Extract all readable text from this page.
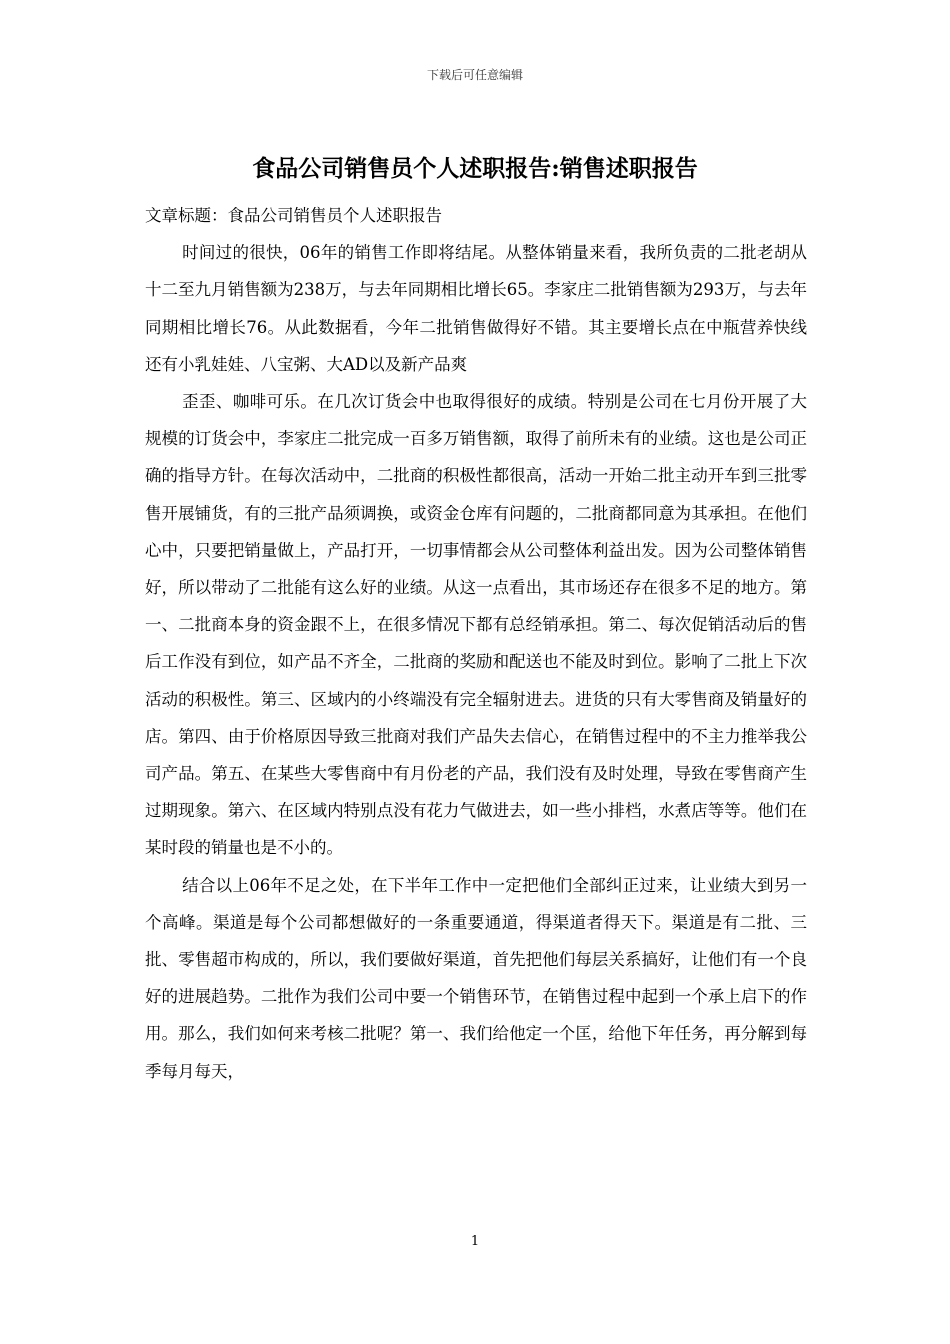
下载后可任意编辑
食品公司销售员个人述职报告:销售述职报告

文章标题：食品公司销售员个人述职报告

时间过的很快，06年的销售工作即将结尾。从整体销量来看，我所负责的二批老胡从十二至九月销售额为238万，与去年同期相比增长65。李家庄二批销售额为293万，与去年同期相比增长76。从此数据看，今年二批销售做得好不错。其主要增长点在中瓶营养快线还有小乳娃娃、八宝粥、大AD以及新产品爽

歪歪、咖啡可乐。在几次订货会中也取得很好的成绩。特别是公司在七月份开展了大规模的订货会中，李家庄二批完成一百多万销售额，取得了前所未有的业绩。这也是公司正确的指导方针。在每次活动中，二批商的积极性都很高，活动一开始二批主动开车到三批零售开展铺货，有的三批产品须调换，或资金仓库有问题的，二批商都同意为其承担。在他们心中，只要把销量做上，产品打开，一切事情都会从公司整体利益出发。因为公司整体销售好，所以带动了二批能有这么好的业绩。从这一点看出，其市场还存在很多不足的地方。第一、二批商本身的资金跟不上，在很多情况下都有总经销承担。第二、每次促销活动后的售后工作没有到位，如产品不齐全，二批商的奖励和配送也不能及时到位。影响了二批上下次活动的积极性。第三、区域内的小终端没有完全辐射进去。进货的只有大零售商及销量好的店。第四、由于价格原因导致三批商对我们产品失去信心，在销售过程中的不主力推举我公司产品。第五、在某些大零售商中有月份老的产品，我们没有及时处理，导致在零售商产生过期现象。第六、在区域内特别点没有花力气做进去，如一些小排档，水煮店等等。他们在某时段的销量也是不小的。

结合以上06年不足之处，在下半年工作中一定把他们全部纠正过来，让业绩大到另一个高峰。渠道是每个公司都想做好的一条重要通道，得渠道者得天下。渠道是有二批、三批、零售超市构成的，所以，我们要做好渠道，首先把他们每层关系搞好，让他们有一个良好的进展趋势。二批作为我们公司中要一个销售环节，在销售过程中起到一个承上启下的作用。那么，我们如何来考核二批呢？第一、我们给他定一个匡，给他下年任务，再分解到每季每月每天，

1
